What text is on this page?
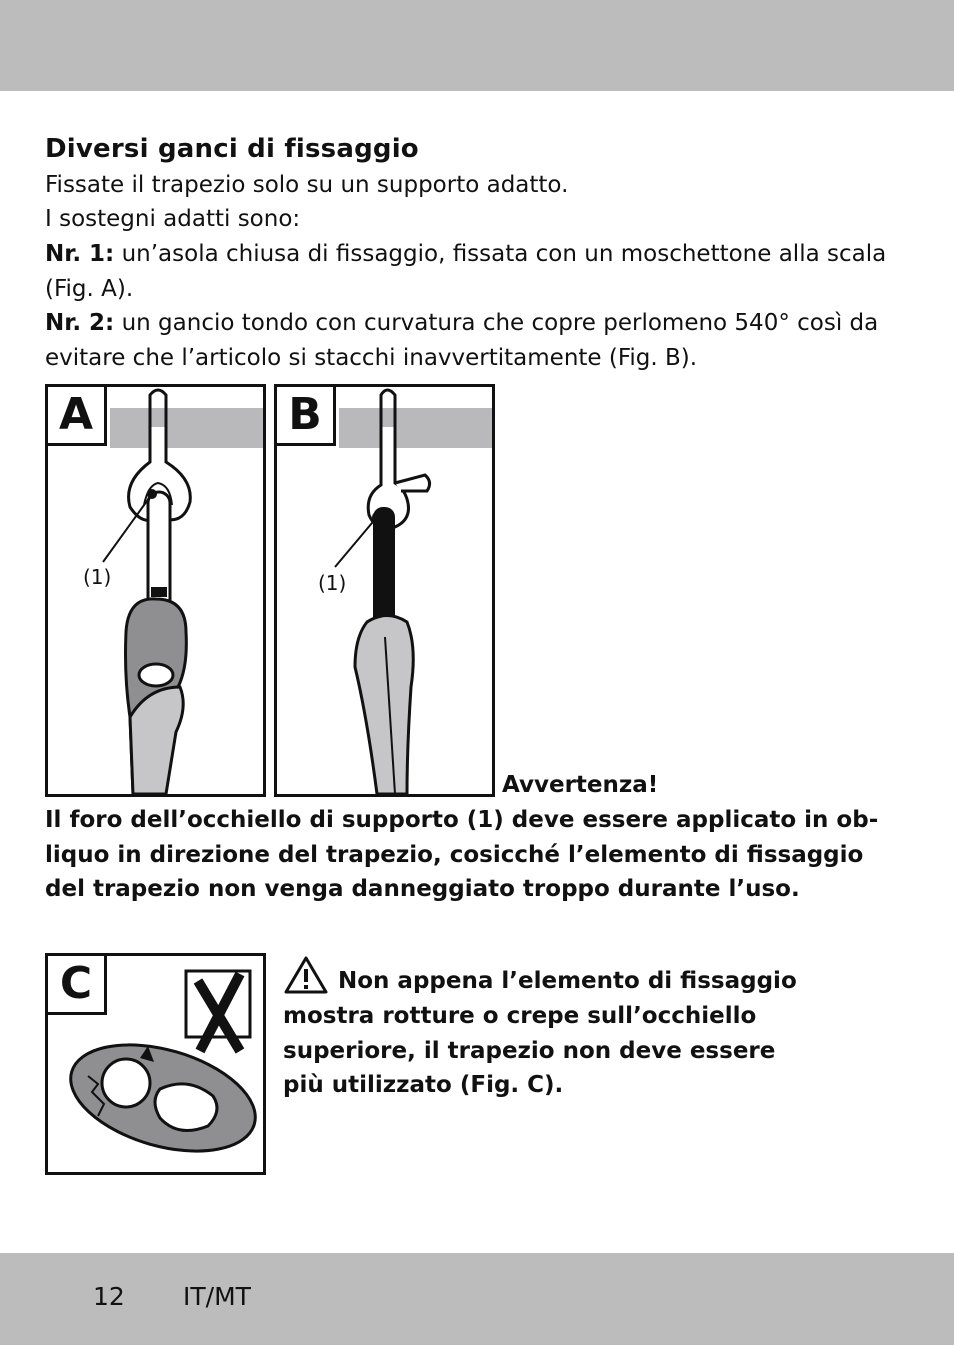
Diversi ganci di fissaggio
Fissate il trapezio solo su un supporto adatto.
I sostegni adatti sono:
Nr. 1: un’asola chiusa di fissaggio, fissata con un moschettone alla scala
(Fig. A).
Nr. 2: un gancio tondo con curvatura che copre perlomeno 540° così da
evitare che l’articolo si stacchi inavvertitamente (Fig. B).
A
(1)
B
(1)
Avvertenza!
Il foro dell’occhiello di supporto (1) deve essere applicato in ob-
liquo in direzione del trapezio, cosicché l’elemento di fissaggio
del trapezio non venga danneggiato troppo durante l’uso.
C	Non appena l’elemento di fissaggio
mostra rotture o crepe sull’occhiello
superiore, il trapezio non deve essere
più utilizzato (Fig. C).
12 IT/MT
